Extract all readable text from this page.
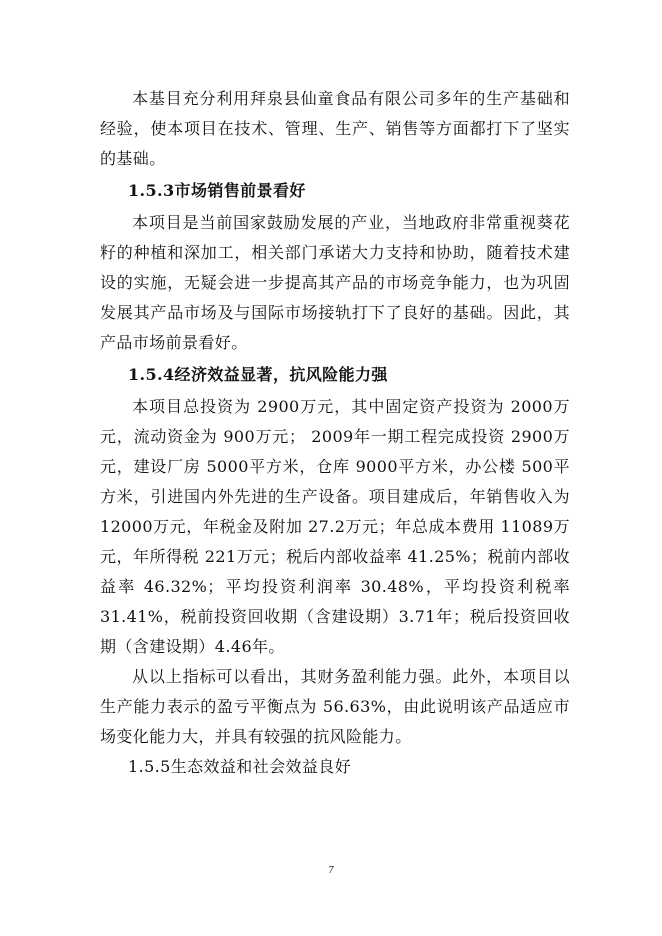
本基目充分利用拜泉县仙童食品有限公司多年的生产基础和经验，使本项目在技术、管理、生产、销售等方面都打下了坚实的基础。

1.5.3市场销售前景看好

本项目是当前国家鼓励发展的产业，当地政府非常重视葵花籽的种植和深加工，相关部门承诺大力支持和协助，随着技术建设的实施，无疑会进一步提高其产品的市场竞争能力，也为巩固发展其产品市场及与国际市场接轨打下了良好的基础。因此，其产品市场前景看好。

1.5.4经济效益显著，抗风险能力强

本项目总投资为 2900万元，其中固定资产投资为 2000万元，流动资金为 900万元； 2009年一期工程完成投资 2900万元，建设厂房 5000平方米，仓库 9000平方米，办公楼 500平方米，引进国内外先进的生产设备。项目建成后，年销售收入为 12000万元，年税金及附加 27.2万元；年总成本费用 11089万元，年所得税 221万元；税后内部收益率 41.25%；税前内部收益率 46.32%；平均投资利润率 30.48%，平均投资利税率 31.41%，税前投资回收期（含建设期）3.71年；税后投资回收期（含建设期）4.46年。

从以上指标可以看出，其财务盈利能力强。此外，本项目以生产能力表示的盈亏平衡点为 56.63%，由此说明该产品适应市场变化能力大，并具有较强的抗风险能力。

1.5.5生态效益和社会效益良好

7
